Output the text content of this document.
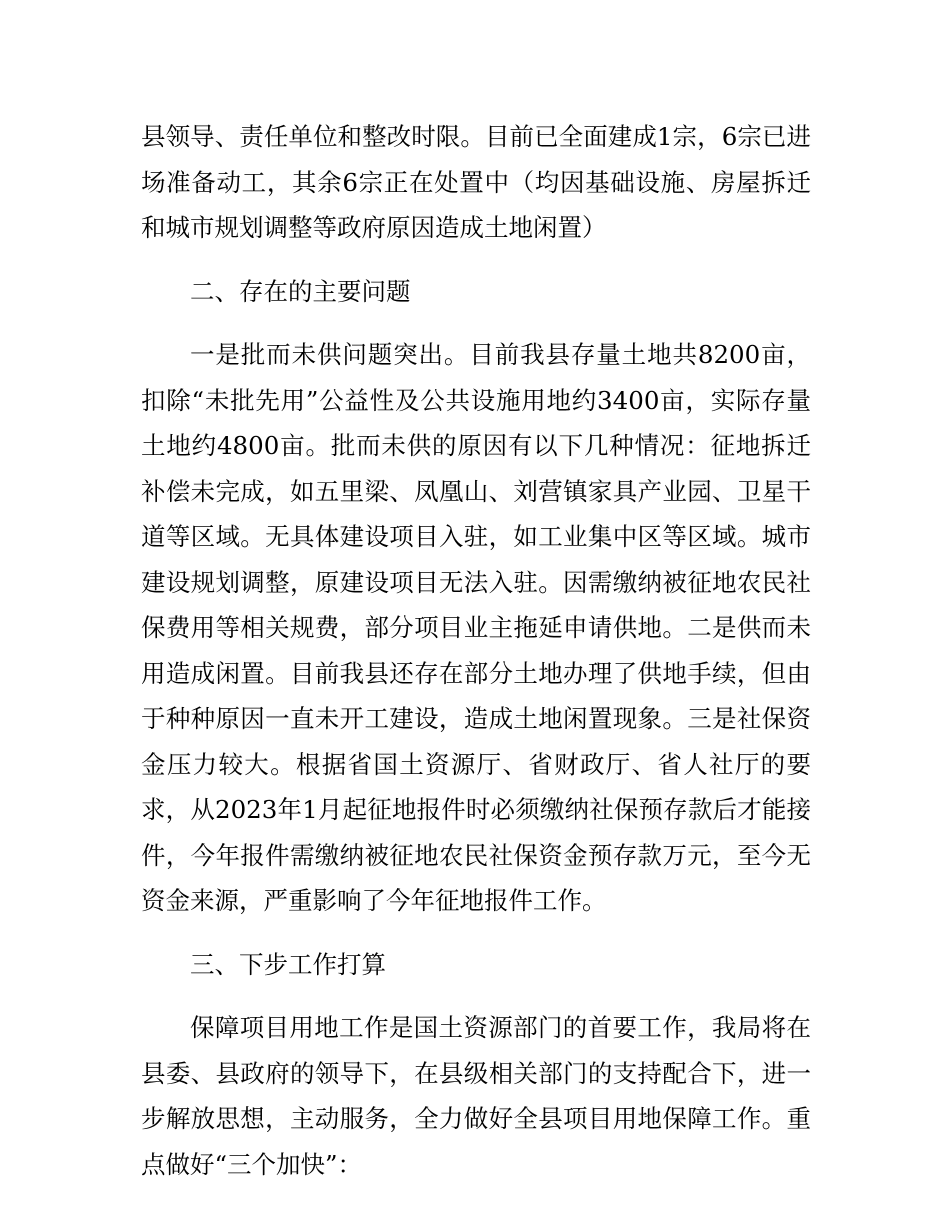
县领导、责任单位和整改时限。目前已全面建成1宗，6宗已进场准备动工，其余6宗正在处置中（均因基础设施、房屋拆迁和城市规划调整等政府原因造成土地闲置）

二、存在的主要问题

一是批而未供问题突出。目前我县存量土地共8200亩，扣除“未批先用”公益性及公共设施用地约3400亩，实际存量土地约4800亩。批而未供的原因有以下几种情况：征地拆迁补偿未完成，如五里梁、凤凰山、刘营镇家具产业园、卫星干道等区域。无具体建设项目入驻，如工业集中区等区域。城市建设规划调整，原建设项目无法入驻。因需缴纳被征地农民社保费用等相关规费，部分项目业主拖延申请供地。二是供而未用造成闲置。目前我县还存在部分土地办理了供地手续，但由于种种原因一直未开工建设，造成土地闲置现象。三是社保资金压力较大。根据省国土资源厅、省财政厅、省人社厅的要求，从2023年1月起征地报件时必须缴纳社保预存款后才能接件，今年报件需缴纳被征地农民社保资金预存款万元，至今无资金来源，严重影响了今年征地报件工作。

三、下步工作打算

保障项目用地工作是国土资源部门的首要工作，我局将在县委、县政府的领导下，在县级相关部门的支持配合下，进一步解放思想，主动服务，全力做好全县项目用地保障工作。重点做好“三个加快”：
